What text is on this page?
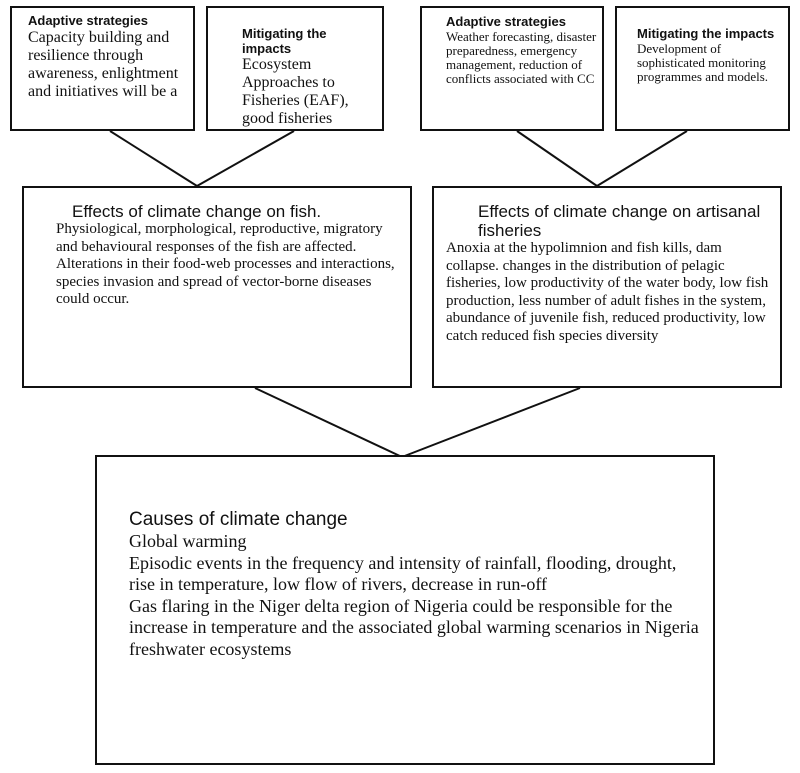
Adaptive strategies
Capacity building and resilience through awareness, enlightment and initiatives will be a
Mitigating the impacts
Ecosystem Approaches to Fisheries (EAF), good fisheries
Adaptive strategies
Weather forecasting, disaster preparedness, emergency management, reduction of conflicts associated with CC
Mitigating the impacts
Development of sophisticated monitoring programmes and models.
Effects of climate change on fish.
Physiological, morphological, reproductive, migratory and behavioural responses of the fish are affected. Alterations in their food-web processes and interactions, species invasion and spread of vector-borne diseases could occur.
Effects of climate change on artisanal fisheries
Anoxia at the hypolimnion and fish kills, dam collapse. changes in the distribution of pelagic fisheries, low productivity of the water body, low fish production, less number of adult fishes in the system, abundance of juvenile fish, reduced productivity, low catch reduced fish species diversity
Causes of climate change
Global warming
Episodic events in the frequency and intensity of rainfall, flooding, drought, rise in temperature, low flow of rivers, decrease in run-off
Gas flaring in the Niger delta region of Nigeria could be responsible for the increase in temperature and the associated global warming scenarios in Nigeria freshwater ecosystems
